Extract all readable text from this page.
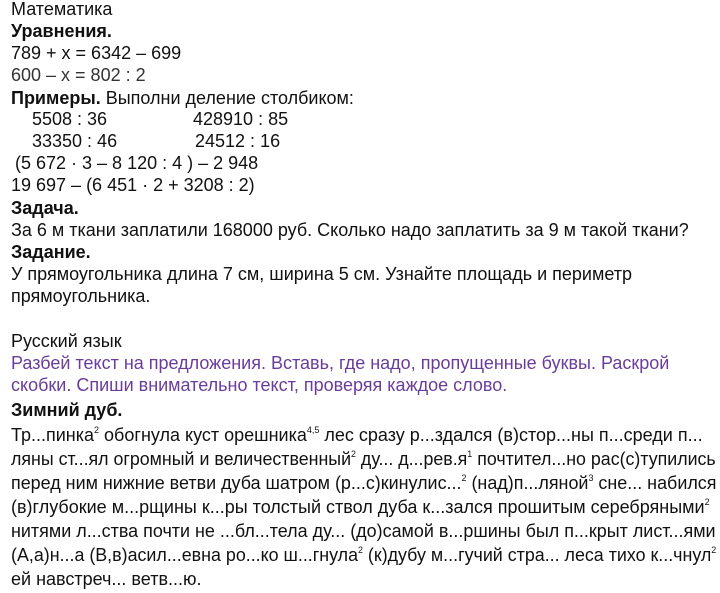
Математика
Уравнения.
789 + x = 6342 – 699
600 – x = 802 : 2
Примеры. Выполни деление столбиком:
5508 : 36	428910 : 85
33350 : 46	24512 : 16
(5 672 · 3 – 8 120 : 4 ) – 2 948
19 697 – (6 451 · 2 + 3208 : 2)
Задача.
За 6 м ткани заплатили 168000 руб. Сколько надо заплатить за 9 м такой ткани?
Задание.
У прямоугольника длина 7 см, ширина 5 см. Узнайте площадь и периметр
прямоугольника.
Русский язык
Разбей текст на предложения. Вставь, где надо, пропущенные буквы. Раскрой
скобки. Спиши внимательно текст, проверяя каждое слово.
Зимний дуб.
Тр...пинка$^2$ обогнула куст орешника$^{4,5}$ лес сразу р...здался (в)стор...ны п...среди п...
ляны ст...ял огромный и величественный$^2$ ду... $д...рев.я^1$ почтител...но рас(с)тупились
перед ним нижние ветви дуба шатром (р...с)кинулис...$^2$ (над)п...ляной$^3$ сне... набился
(в)глубокие м...рщины к...ры толстый ствол дуба к...зался прошитым серебряными$^2$
нитями л...ства почти не ...бл...тела ду... (до)самой в...ршины был п...крыт лист...ями
(А,а)н...а (В,в)асил...евна ро...ко ш...гнула$^2$ (к)дубу м...гучий стра... леса тихо к...чнул$^2$
ей навстреч... ветв...ю.
